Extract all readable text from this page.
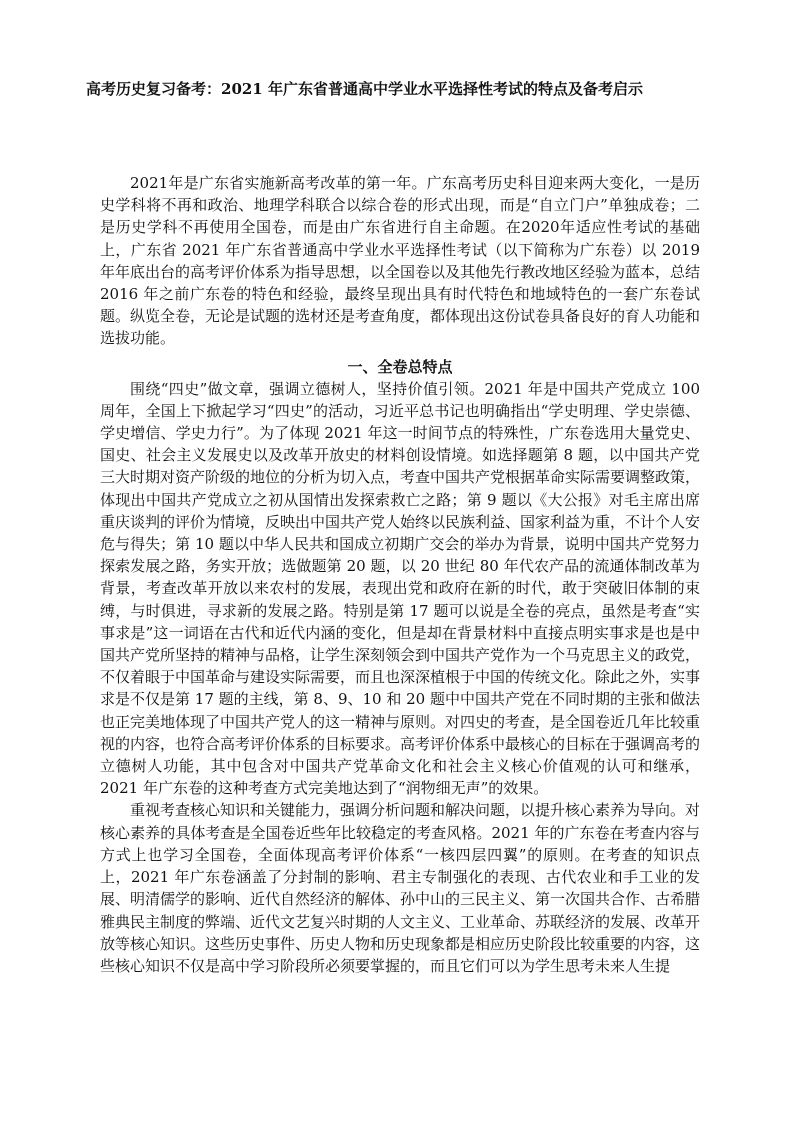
高考历史复习备考：2021 年广东省普通高中学业水平选择性考试的特点及备考启示

2021年是广东省实施新高考改革的第一年。广东高考历史科目迎来两大变化，一是历史学科将不再和政治、地理学科联合以综合卷的形式出现，而是“自立门户”单独成卷；二是历史学科不再使用全国卷，而是由广东省进行自主命题。在2020年适应性考试的基础上，广东省 2021 年广东省普通高中学业水平选择性考试（以下简称为广东卷）以 2019 年年底出台的高考评价体系为指导思想，以全国卷以及其他先行教改地区经验为蓝本，总结 2016 年之前广东卷的特色和经验，最终呈现出具有时代特色和地域特色的一套广东卷试题。纵览全卷，无论是试题的选材还是考查角度，都体现出这份试卷具备良好的育人功能和选拔功能。

一、全卷总特点

围绕“四史”做文章，强调立德树人，坚持价值引领。2021 年是中国共产党成立 100 周年，全国上下掀起学习“四史”的活动，习近平总书记也明确指出“学史明理、学史崇德、学史增信、学史力行”。为了体现 2021 年这一时间节点的特殊性，广东卷选用大量党史、国史、社会主义发展史以及改革开放史的材料创设情境。如选择题第 8 题，以中国共产党三大时期对资产阶级的地位的分析为切入点，考查中国共产党根据革命实际需要调整政策，体现出中国共产党成立之初从国情出发探索救亡之路；第 9 题以《大公报》对毛主席出席重庆谈判的评价为情境，反映出中国共产党人始终以民族利益、国家利益为重，不计个人安危与得失；第 10 题以中华人民共和国成立初期广交会的举办为背景，说明中国共产党努力探索发展之路，务实开放；选做题第 20 题，以 20 世纪 80 年代农产品的流通体制改革为背景，考查改革开放以来农村的发展，表现出党和政府在新的时代，敢于突破旧体制的束缚，与时俱进，寻求新的发展之路。特别是第 17 题可以说是全卷的亮点，虽然是考查“实事求是”这一词语在古代和近代内涵的变化，但是却在背景材料中直接点明实事求是也是中国共产党所坚持的精神与品格，让学生深刻领会到中国共产党作为一个马克思主义的政党，不仅着眼于中国革命与建设实际需要，而且也深深植根于中国的传统文化。除此之外，实事求是不仅是第 17 题的主线，第 8、9、10 和 20 题中中国共产党在不同时期的主张和做法也正完美地体现了中国共产党人的这一精神与原则。对四史的考查，是全国卷近几年比较重视的内容，也符合高考评价体系的目标要求。高考评价体系中最核心的目标在于强调高考的立德树人功能，其中包含对中国共产党革命文化和社会主义核心价值观的认可和继承，2021 年广东卷的这种考查方式完美地达到了“润物细无声”的效果。

重视考查核心知识和关键能力，强调分析问题和解决问题，以提升核心素养为导向。对核心素养的具体考查是全国卷近些年比较稳定的考查风格。2021 年的广东卷在考查内容与方式上也学习全国卷，全面体现高考评价体系“一核四层四翼”的原则。在考查的知识点上，2021 年广东卷涵盖了分封制的影响、君主专制强化的表现、古代农业和手工业的发展、明清儒学的影响、近代自然经济的解体、孙中山的三民主义、第一次国共合作、古希腊雅典民主制度的弊端、近代文艺复兴时期的人文主义、工业革命、苏联经济的发展、改革开放等核心知识。这些历史事件、历史人物和历史现象都是相应历史阶段比较重要的内容，这些核心知识不仅是高中学习阶段所必须要掌握的，而且它们可以为学生思考未来人生提
